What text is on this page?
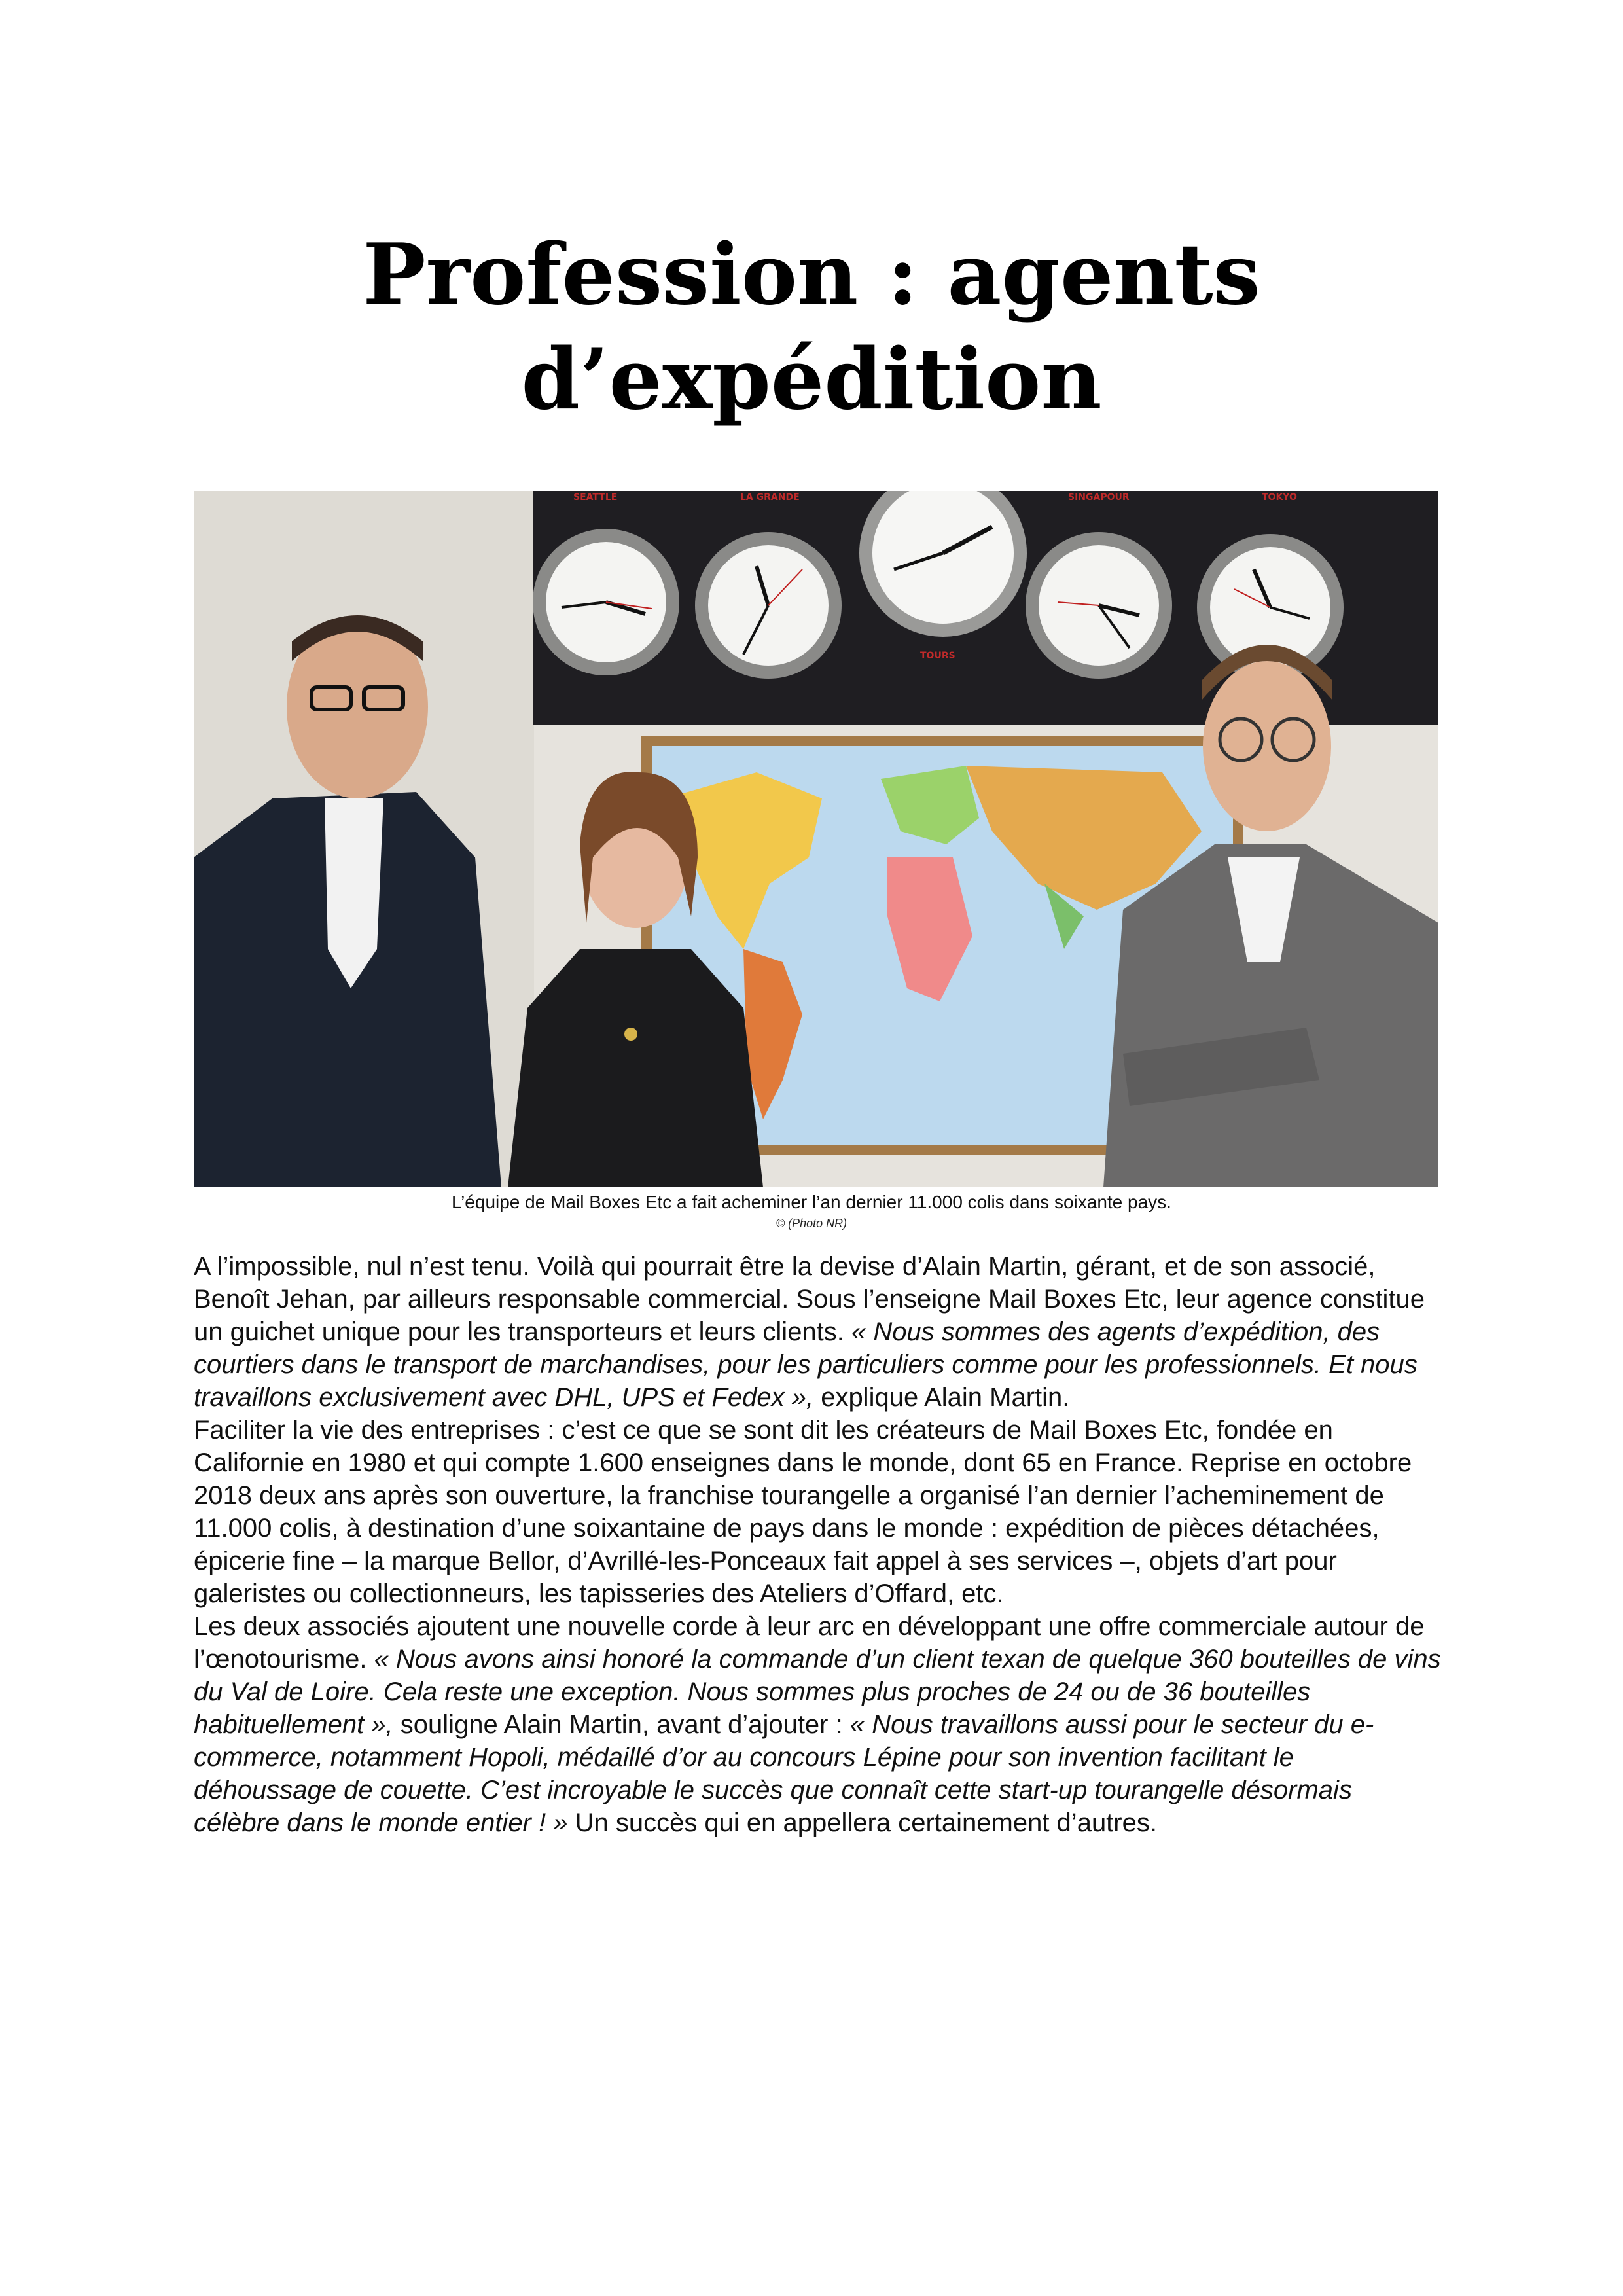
Profession : agents
d’expédition
SEATTLE	LA GRANDE
TOURS
SINGAPOUR	TOKYO
L’équipe de Mail Boxes Etc a fait acheminer l’an dernier 11.000 colis dans soixante pays.
© (Photo NR)

A l’impossible, nul n’est tenu. Voilà qui pourrait être la devise d’Alain Martin, gérant, et de son associé, Benoît Jehan, par ailleurs responsable commercial. Sous l’enseigne Mail Boxes Etc, leur agence constitue un guichet unique pour les transporteurs et leurs clients. « Nous sommes des agents d’expédition, des courtiers dans le transport de marchandises, pour les particuliers comme pour les professionnels. Et nous travaillons exclusivement avec DHL, UPS et Fedex », explique Alain Martin.

Faciliter la vie des entreprises : c’est ce que se sont dit les créateurs de Mail Boxes Etc, fondée en Californie en 1980 et qui compte 1.600 enseignes dans le monde, dont 65 en France. Reprise en octobre 2018 deux ans après son ouverture, la franchise tourangelle a organisé l’an dernier l’acheminement de 11.000 colis, à destination d’une soixantaine de pays dans le monde : expédition de pièces détachées, épicerie fine – la marque Bellor, d’Avrillé-les-Ponceaux fait appel à ses services –, objets d’art pour galeristes ou collectionneurs, les tapisseries des Ateliers d’Offard, etc.

Les deux associés ajoutent une nouvelle corde à leur arc en développant une offre commerciale autour de l’œnotourisme. « Nous avons ainsi honoré la commande d’un client texan de quelque 360 bouteilles de vins du Val de Loire. Cela reste une exception. Nous sommes plus proches de 24 ou de 36 bouteilles habituellement », souligne Alain Martin, avant d’ajouter : « Nous travaillons aussi pour le secteur du e-commerce, notamment Hopoli, médaillé d’or au concours Lépine pour son invention facilitant le déhoussage de couette. C’est incroyable le succès que connaît cette start-up tourangelle désormais célèbre dans le monde entier ! » Un succès qui en appellera certainement d’autres.
